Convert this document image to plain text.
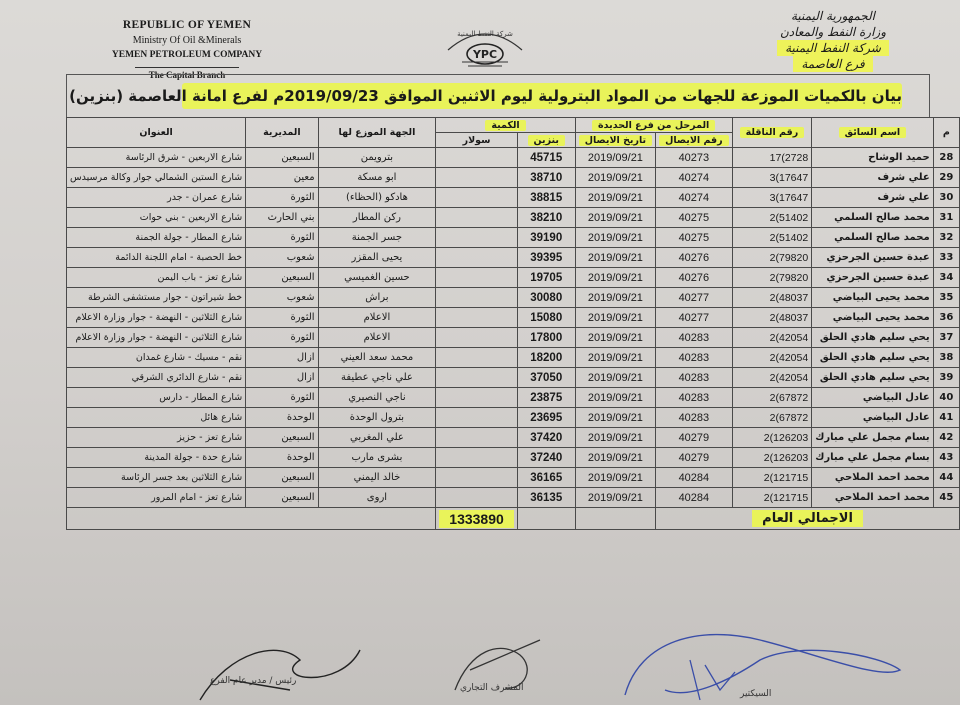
REPUBLIC OF YEMEN
Ministry Of Oil &Minerals
YEMEN PETROLEUM COMPANY
The Capital Branch
شركة النفط اليمنية
YPC
الجمهورية اليمنية
وزارة النفط والمعادن
شركة النفط اليمنية
فرع العاصمة
بيان بالكميات الموزعة للجهات من المواد البترولية ليوم الاثنين الموافق 2019/09/23م لفرع امانة العاصمة (بنزين)
م	اسم السائق	رقم الناقلة	المرحل من فرع الحديدة		الكمية		الجهة الموزع لها	المديرية	العنوان
			رقم الايصال	تاريخ الايصال	بنزين	سولار			
28	حميد الوشاح	2728)17	40273	2019/09/21	45715		بترويمن	السبعين	شارع الاربعين - شرق الرئاسة
29	علي شرف	17647)3	40274	2019/09/21	38710		ابو مسكة	معين	شارع الستين الشمالي جوار وكالة مرسيدس
30	علي شرف	17647)3	40274	2019/09/21	38815		هادكو (الحظاء)	الثورة	شارع عمران - جدر
31	محمد صالح السلمي	51402)2	40275	2019/09/21	38210		ركن المطار	بني الحارث	شارع الاربعين - بني حوات
32	محمد صالح السلمي	51402)2	40275	2019/09/21	39190		جسر الجمنة	الثورة	شارع المطار - جولة الجمنة
33	عبدة حسين الجرحزي	79820)2	40276	2019/09/21	39395		يحيى المقزر	شعوب	خط الحصبة - امام اللجنة الدائمة
34	عبدة حسين الجرحزي	79820)2	40276	2019/09/21	19705		حسين الغميسي	السبعين	شارع تعز - باب اليمن
35	محمد يحيى البياضي	48037)2	40277	2019/09/21	30080		براش	شعوب	خط شيراتون - جوار مستشفى الشرطة
36	محمد يحيى البياضي	48037)2	40277	2019/09/21	15080		الاعلام	الثورة	شارع الثلاثين - النهضة - جوار وزارة الاعلام
37	يحي سليم هادي الحلق	42054)2	40283	2019/09/21	17800		الاعلام	الثورة	شارع الثلاثين - النهضة - جوار وزارة الاعلام
38	يحي سليم هادي الحلق	42054)2	40283	2019/09/21	18200		محمد سعد العيني	ازال	نقم - مسيك - شارع غمدان
39	يحي سليم هادي الحلق	42054)2	40283	2019/09/21	37050		علي ناجي عطيفة	ازال	نقم - شارع الدائري الشرقي
40	عادل البياضي	67872)2	40283	2019/09/21	23875		ناجي النصيري	الثورة	شارع المطار - دارس
41	عادل البياضي	67872)2	40283	2019/09/21	23695		بترول الوحدة	الوحدة	شارع هائل
42	بسام مجمل علي مبارك	126203)2	40279	2019/09/21	37420		علي المغربي	السبعين	شارع تعز - حزيز
43	بسام مجمل علي مبارك	126203)2	40279	2019/09/21	37240		بشرى مارب	الوحدة	شارع حدة - جولة المدينة
44	محمد احمد الملاحي	121715)2	40284	2019/09/21	36165		خالد اليمني	السبعين	شارع الثلاثين بعد جسر الرئاسة
45	محمد احمد الملاحي	121715)2	40284	2019/09/21	36135		اروى	السبعين	شارع تعز - امام المرور
الاجمالي العام						1333890			
السيكتير
المشرف التجاري
رئيس / مدير عام الفرع
